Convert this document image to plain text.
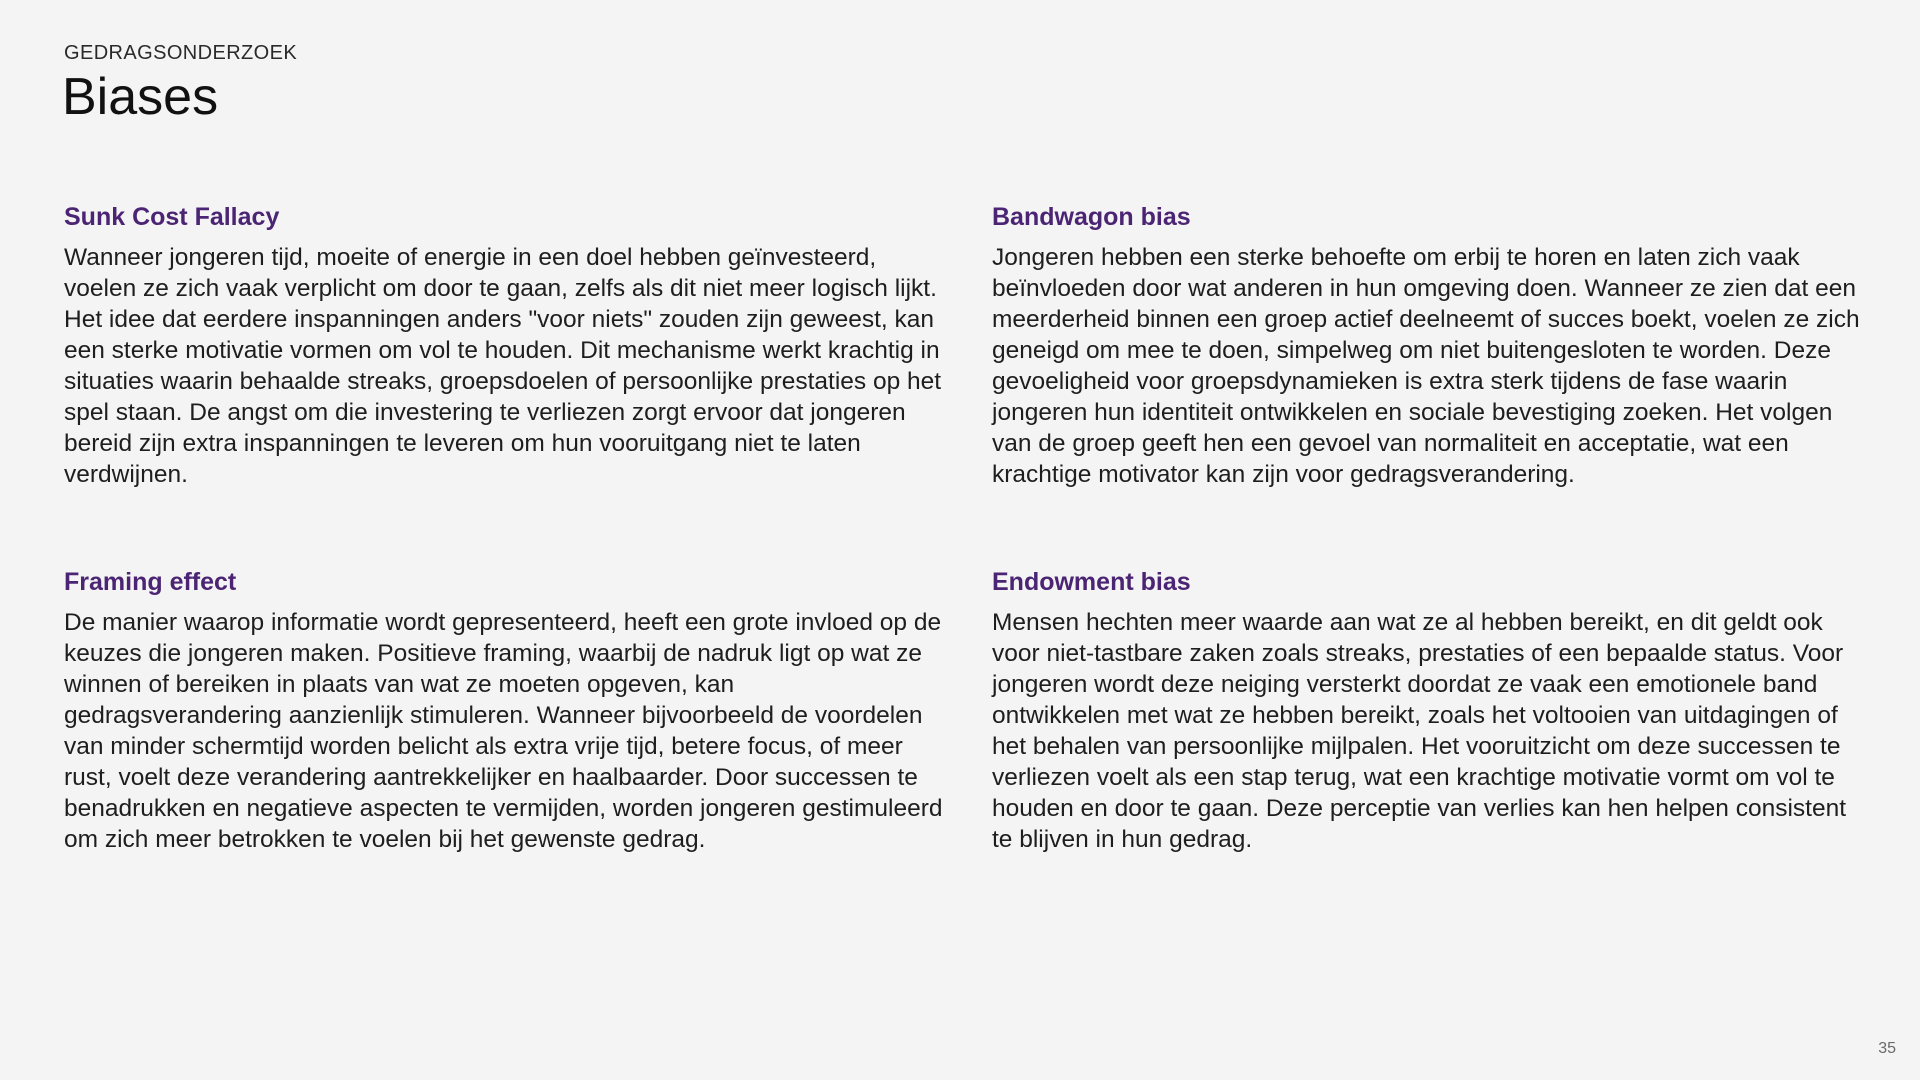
GEDRAGSONDERZOEK
Biases
Sunk Cost Fallacy

Wanneer jongeren tijd, moeite of energie in een doel hebben geïnvesteerd, voelen ze zich vaak verplicht om door te gaan, zelfs als dit niet meer logisch lijkt. Het idee dat eerdere inspanningen anders "voor niets" zouden zijn geweest, kan een sterke motivatie vormen om vol te houden. Dit mechanisme werkt krachtig in situaties waarin behaalde streaks, groepsdoelen of persoonlijke prestaties op het spel staan. De angst om die investering te verliezen zorgt ervoor dat jongeren bereid zijn extra inspanningen te leveren om hun vooruitgang niet te laten verdwijnen.

Bandwagon bias

Jongeren hebben een sterke behoefte om erbij te horen en laten zich vaak beïnvloeden door wat anderen in hun omgeving doen. Wanneer ze zien dat een meerderheid binnen een groep actief deelneemt of succes boekt, voelen ze zich geneigd om mee te doen, simpelweg om niet buitengesloten te worden. Deze gevoeligheid voor groepsdynamieken is extra sterk tijdens de fase waarin jongeren hun identiteit ontwikkelen en sociale bevestiging zoeken. Het volgen van de groep geeft hen een gevoel van normaliteit en acceptatie, wat een krachtige motivator kan zijn voor gedragsverandering.

Framing effect

De manier waarop informatie wordt gepresenteerd, heeft een grote invloed op de keuzes die jongeren maken. Positieve framing, waarbij de nadruk ligt op wat ze winnen of bereiken in plaats van wat ze moeten opgeven, kan gedragsverandering aanzienlijk stimuleren. Wanneer bijvoorbeeld de voordelen van minder schermtijd worden belicht als extra vrije tijd, betere focus, of meer rust, voelt deze verandering aantrekkelijker en haalbaarder. Door successen te benadrukken en negatieve aspecten te vermijden, worden jongeren gestimuleerd om zich meer betrokken te voelen bij het gewenste gedrag.

Endowment bias

Mensen hechten meer waarde aan wat ze al hebben bereikt, en dit geldt ook voor niet-tastbare zaken zoals streaks, prestaties of een bepaalde status. Voor jongeren wordt deze neiging versterkt doordat ze vaak een emotionele band ontwikkelen met wat ze hebben bereikt, zoals het voltooien van uitdagingen of het behalen van persoonlijke mijlpalen. Het vooruitzicht om deze successen te verliezen voelt als een stap terug, wat een krachtige motivatie vormt om vol te houden en door te gaan. Deze perceptie van verlies kan hen helpen consistent te blijven in hun gedrag.

35
